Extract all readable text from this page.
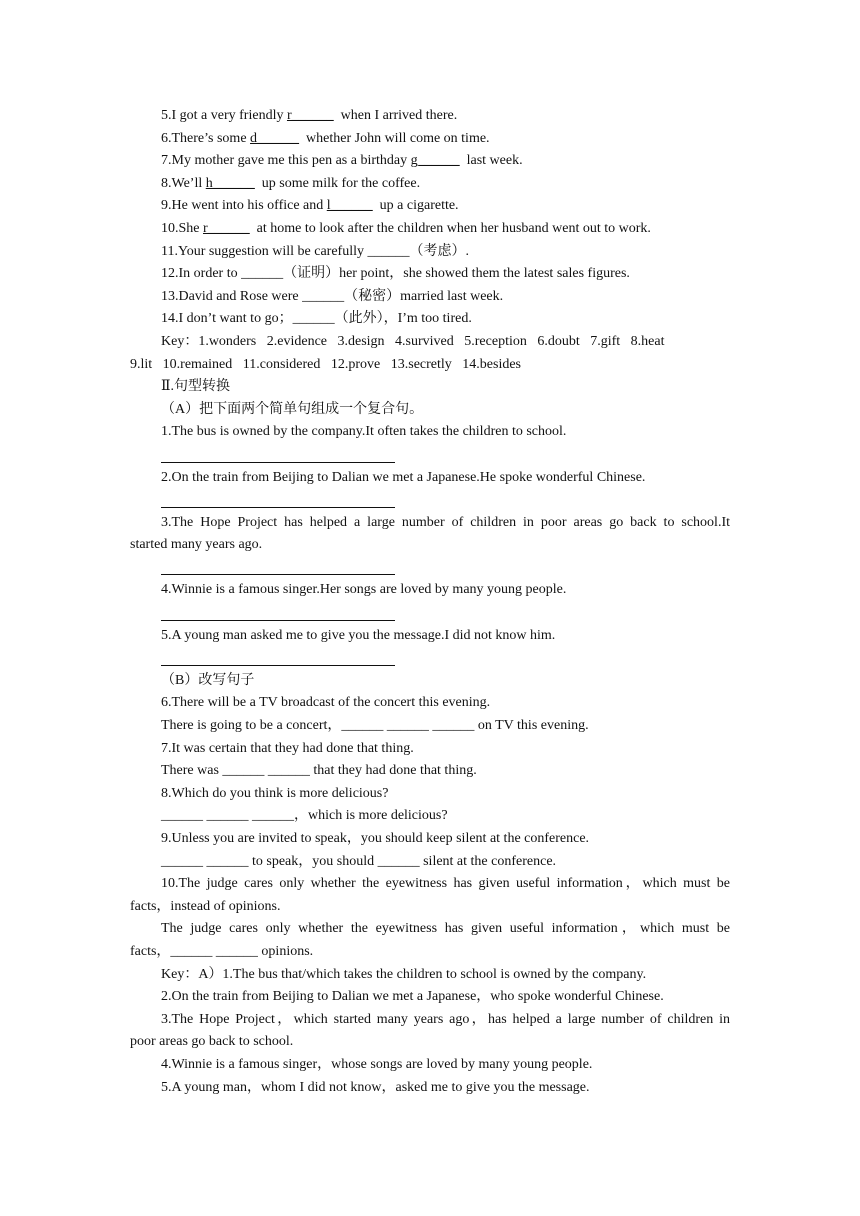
5.I got a very friendly r______  when I arrived there.
6.There’s some d______  whether John will come on time.
7.My mother gave me this pen as a birthday g______  last week.
8.We’ll h______  up some milk for the coffee.
9.He went into his office and l______  up a cigarette.
10.She r______  at home to look after the children when her husband went out to work.
11.Your suggestion will be carefully ______（考虑）.
12.In order to ______（证明）her point，she showed them the latest sales figures.
13.David and Rose were ______（秘密）married last week.
14.I don’t want to go；______（此外），I’m too tired.
Key：1.wonders   2.evidence   3.design   4.survived   5.reception   6.doubt   7.gift   8.heat
9.lit   10.remained   11.considered   12.prove   13.secretly   14.besides
Ⅱ.句型转换
（A）把下面两个简单句组成一个复合句。
1.The bus is owned by the company.It often takes the children to school.
2.On the train from Beijing to Dalian we met a Japanese.He spoke wonderful Chinese.
3.The Hope Project has helped a large number of children in poor areas go back to school.It
started many years ago.
4.Winnie is a famous singer.Her songs are loved by many young people.
5.A young man asked me to give you the message.I did not know him.
（B）改写句子
6.There will be a TV broadcast of the concert this evening.
There is going to be a concert，______ ______ ______ on TV this evening.
7.It was certain that they had done that thing.
There was ______ ______ that they had done that thing.
8.Which do you think is more delicious?
______ ______ ______，which is more delicious?
9.Unless you are invited to speak，you should keep silent at the conference.
______ ______ to speak，you should ______ silent at the conference.
10.The judge cares only whether the eyewitness has given useful information，which must be
facts，instead of opinions.
The judge cares only whether the eyewitness has given useful information，which must be
facts，______ ______ opinions.
Key：A）1.The bus that/which takes the children to school is owned by the company.
2.On the train from Beijing to Dalian we met a Japanese，who spoke wonderful Chinese.
3.The Hope Project，which started many years ago，has helped a large number of children in
poor areas go back to school.
4.Winnie is a famous singer，whose songs are loved by many young people.
5.A young man，whom I did not know，asked me to give you the message.
